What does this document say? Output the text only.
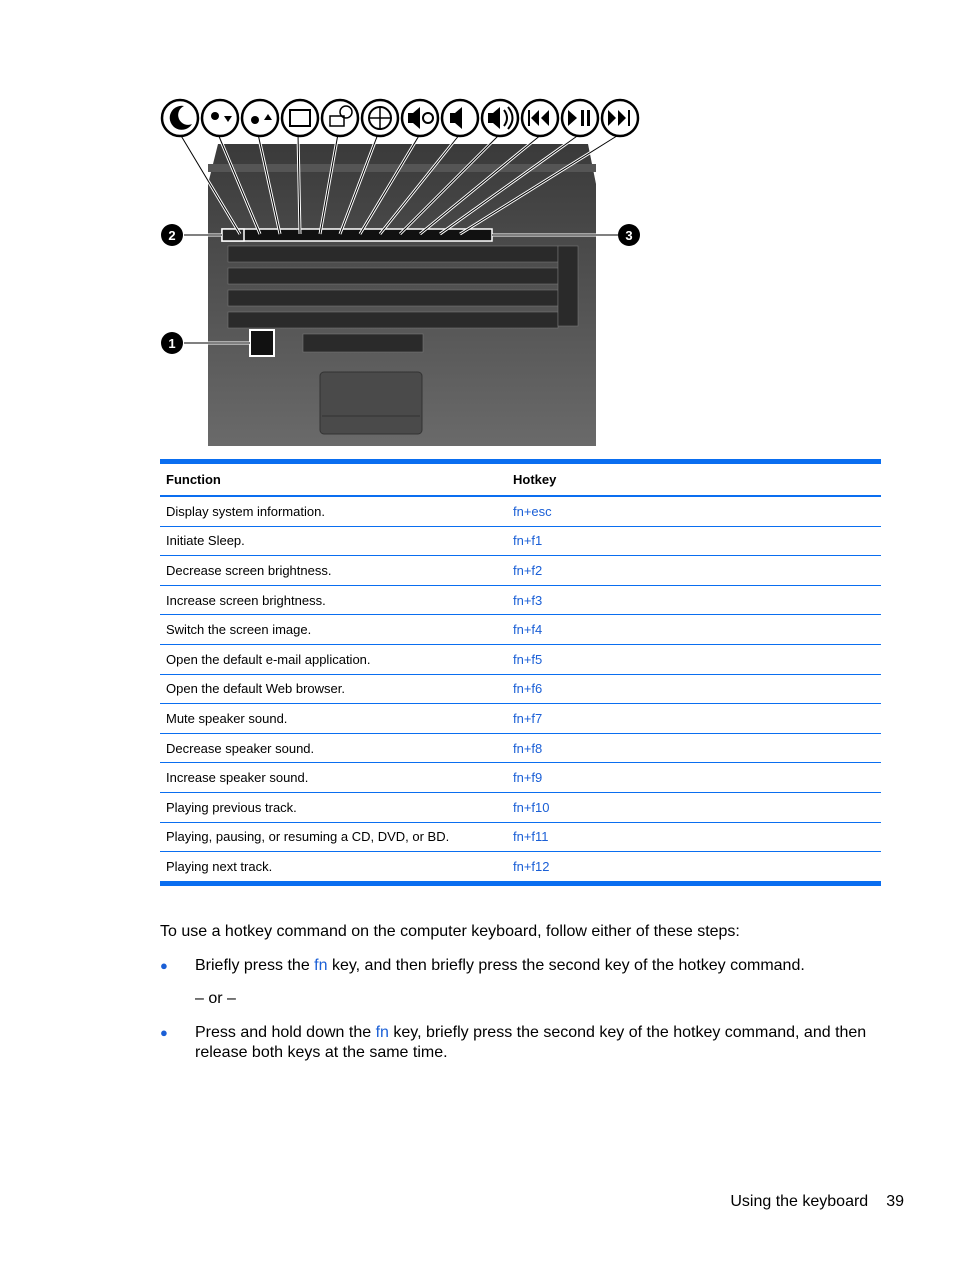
1
2	3
Function	Hotkey
Display system information.	fn+esc
Initiate Sleep.	fn+f1
Decrease screen brightness.	fn+f2
Increase screen brightness.	fn+f3
Switch the screen image.	fn+f4
Open the default e-mail application.	fn+f5
Open the default Web browser.	fn+f6
Mute speaker sound.	fn+f7
Decrease speaker sound.	fn+f8
Increase speaker sound.	fn+f9
Playing previous track.	fn+f10
Playing, pausing, or resuming a CD, DVD, or BD.	fn+f11
Playing next track.	fn+f12

To use a hotkey command on the computer keyboard, follow either of these steps:

● Briefly press the fn key, and then briefly press the second key of the hotkey command.
– or –
● Press and hold down the fn key, briefly press the second key of the hotkey command, and then release both keys at the same time.
Using the keyboard 39
